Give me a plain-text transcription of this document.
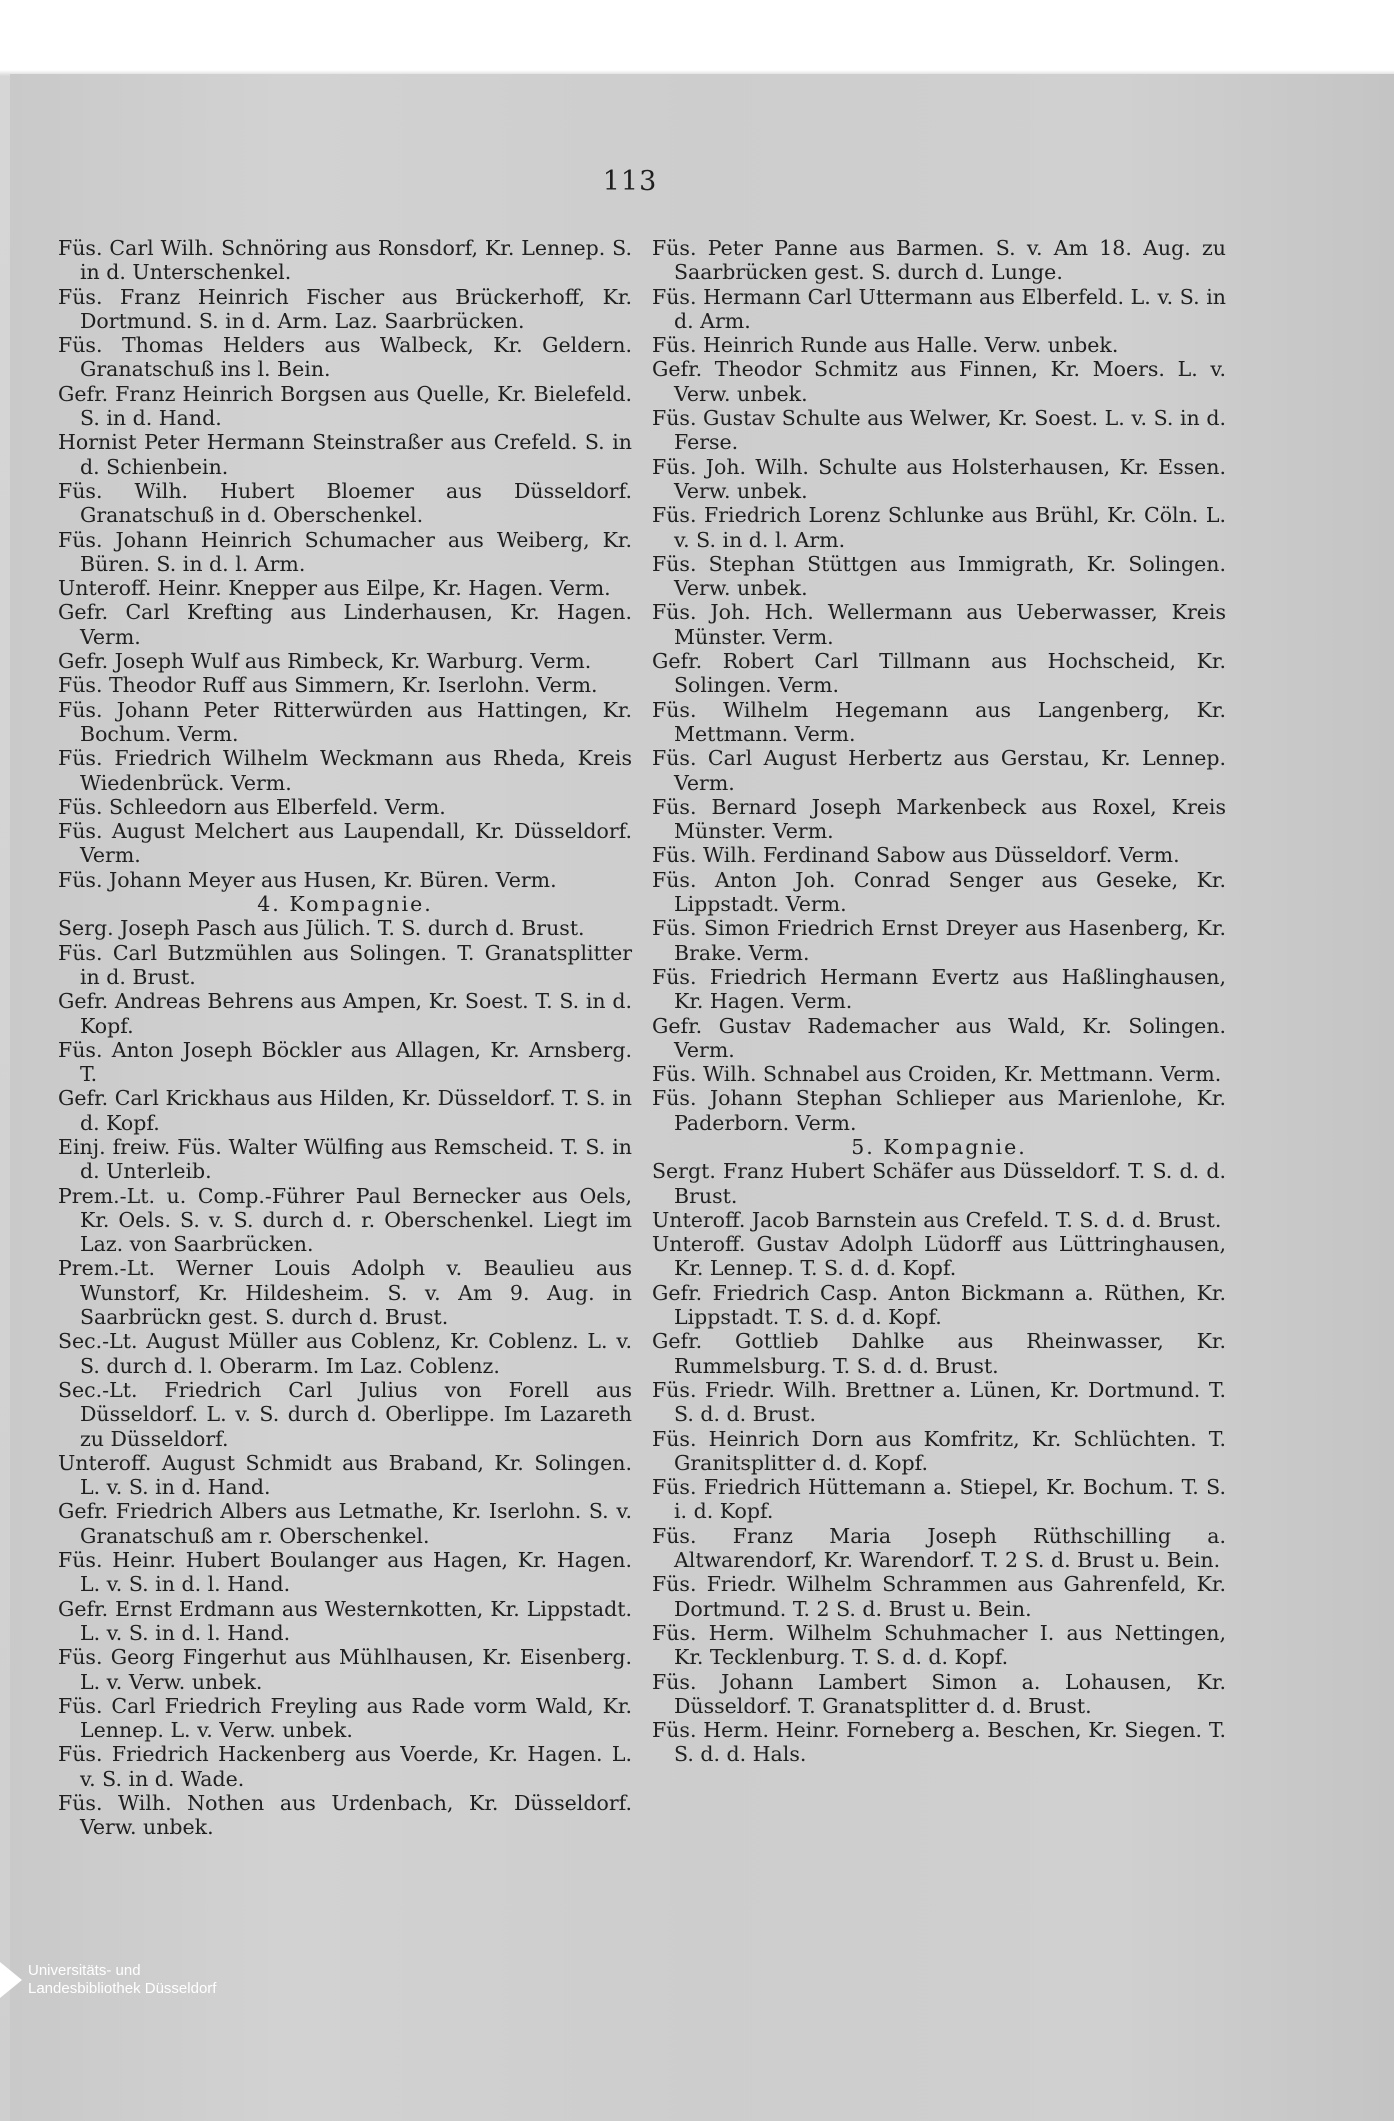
113

Füs. Carl Wilh. Schnöring aus Ronsdorf, Kr. Lennep. S. in d. Unterschenkel.

Füs. Franz Heinrich Fischer aus Brückerhoff, Kr. Dortmund. S. in d. Arm. Laz. Saarbrücken.

Füs. Thomas Helders aus Walbeck, Kr. Geldern. Granatschuß ins l. Bein.

Gefr. Franz Heinrich Borgsen aus Quelle, Kr. Bielefeld. S. in d. Hand.

Hornist Peter Hermann Steinstraßer aus Crefeld. S. in d. Schienbein.

Füs. Wilh. Hubert Bloemer aus Düsseldorf. Granatschuß in d. Oberschenkel.

Füs. Johann Heinrich Schumacher aus Weiberg, Kr. Büren. S. in d. l. Arm.

Unteroff. Heinr. Knepper aus Eilpe, Kr. Hagen. Verm.

Gefr. Carl Krefting aus Linderhausen, Kr. Hagen. Verm.

Gefr. Joseph Wulf aus Rimbeck, Kr. Warburg. Verm.

Füs. Theodor Ruff aus Simmern, Kr. Iserlohn. Verm.

Füs. Johann Peter Ritterwürden aus Hattingen, Kr. Bochum. Verm.

Füs. Friedrich Wilhelm Weckmann aus Rheda, Kreis Wiedenbrück. Verm.

Füs. Schleedorn aus Elberfeld. Verm.

Füs. August Melchert aus Laupendall, Kr. Düsseldorf. Verm.

Füs. Johann Meyer aus Husen, Kr. Büren. Verm.

4. Kompagnie.

Serg. Joseph Pasch aus Jülich. T. S. durch d. Brust.

Füs. Carl Butzmühlen aus Solingen. T. Granatsplitter in d. Brust.

Gefr. Andreas Behrens aus Ampen, Kr. Soest. T. S. in d. Kopf.

Füs. Anton Joseph Böckler aus Allagen, Kr. Arnsberg. T.

Gefr. Carl Krickhaus aus Hilden, Kr. Düsseldorf. T. S. in d. Kopf.

Einj. freiw. Füs. Walter Wülfing aus Remscheid. T. S. in d. Unterleib.

Prem.-Lt. u. Comp.-Führer Paul Bernecker aus Oels, Kr. Oels. S. v. S. durch d. r. Oberschenkel. Liegt im Laz. von Saarbrücken.

Prem.-Lt. Werner Louis Adolph v. Beaulieu aus Wunstorf, Kr. Hildesheim. S. v. Am 9. Aug. in Saarbrückn gest. S. durch d. Brust.

Sec.-Lt. August Müller aus Coblenz, Kr. Coblenz. L. v. S. durch d. l. Oberarm. Im Laz. Coblenz.

Sec.-Lt. Friedrich Carl Julius von Forell aus Düsseldorf. L. v. S. durch d. Oberlippe. Im Lazareth zu Düsseldorf.

Unteroff. August Schmidt aus Braband, Kr. Solingen. L. v. S. in d. Hand.

Gefr. Friedrich Albers aus Letmathe, Kr. Iserlohn. S. v. Granatschuß am r. Oberschenkel.

Füs. Heinr. Hubert Boulanger aus Hagen, Kr. Hagen. L. v. S. in d. l. Hand.

Gefr. Ernst Erdmann aus Westernkotten, Kr. Lippstadt. L. v. S. in d. l. Hand.

Füs. Georg Fingerhut aus Mühlhausen, Kr. Eisenberg. L. v. Verw. unbek.

Füs. Carl Friedrich Freyling aus Rade vorm Wald, Kr. Lennep. L. v. Verw. unbek.

Füs. Friedrich Hackenberg aus Voerde, Kr. Hagen. L. v. S. in d. Wade.

Füs. Wilh. Nothen aus Urdenbach, Kr. Düsseldorf. Verw. unbek.

Füs. Peter Panne aus Barmen. S. v. Am 18. Aug. zu Saarbrücken gest. S. durch d. Lunge.

Füs. Hermann Carl Uttermann aus Elberfeld. L. v. S. in d. Arm.

Füs. Heinrich Runde aus Halle. Verw. unbek.

Gefr. Theodor Schmitz aus Finnen, Kr. Moers. L. v. Verw. unbek.

Füs. Gustav Schulte aus Welwer, Kr. Soest. L. v. S. in d. Ferse.

Füs. Joh. Wilh. Schulte aus Holsterhausen, Kr. Essen. Verw. unbek.

Füs. Friedrich Lorenz Schlunke aus Brühl, Kr. Cöln. L. v. S. in d. l. Arm.

Füs. Stephan Stüttgen aus Immigrath, Kr. Solingen. Verw. unbek.

Füs. Joh. Hch. Wellermann aus Ueberwasser, Kreis Münster. Verm.

Gefr. Robert Carl Tillmann aus Hochscheid, Kr. Solingen. Verm.

Füs. Wilhelm Hegemann aus Langenberg, Kr. Mettmann. Verm.

Füs. Carl August Herbertz aus Gerstau, Kr. Lennep. Verm.

Füs. Bernard Joseph Markenbeck aus Roxel, Kreis Münster. Verm.

Füs. Wilh. Ferdinand Sabow aus Düsseldorf. Verm.

Füs. Anton Joh. Conrad Senger aus Geseke, Kr. Lippstadt. Verm.

Füs. Simon Friedrich Ernst Dreyer aus Hasenberg, Kr. Brake. Verm.

Füs. Friedrich Hermann Evertz aus Haßlinghausen, Kr. Hagen. Verm.

Gefr. Gustav Rademacher aus Wald, Kr. Solingen. Verm.

Füs. Wilh. Schnabel aus Croiden, Kr. Mettmann. Verm.

Füs. Johann Stephan Schlieper aus Marienlohe, Kr. Paderborn. Verm.

5. Kompagnie.

Sergt. Franz Hubert Schäfer aus Düsseldorf. T. S. d. d. Brust.

Unteroff. Jacob Barnstein aus Crefeld. T. S. d. d. Brust.

Unteroff. Gustav Adolph Lüdorff aus Lüttringhausen, Kr. Lennep. T. S. d. d. Kopf.

Gefr. Friedrich Casp. Anton Bickmann a. Rüthen, Kr. Lippstadt. T. S. d. d. Kopf.

Gefr. Gottlieb Dahlke aus Rheinwasser, Kr. Rummelsburg. T. S. d. d. Brust.

Füs. Friedr. Wilh. Brettner a. Lünen, Kr. Dortmund. T. S. d. d. Brust.

Füs. Heinrich Dorn aus Komfritz, Kr. Schlüchten. T. Granitsplitter d. d. Kopf.

Füs. Friedrich Hüttemann a. Stiepel, Kr. Bochum. T. S. i. d. Kopf.

Füs. Franz Maria Joseph Rüthschilling a. Altwarendorf, Kr. Warendorf. T. 2 S. d. Brust u. Bein.

Füs. Friedr. Wilhelm Schrammen aus Gahrenfeld, Kr. Dortmund. T. 2 S. d. Brust u. Bein.

Füs. Herm. Wilhelm Schuhmacher I. aus Nettingen, Kr. Tecklenburg. T. S. d. d. Kopf.

Füs. Johann Lambert Simon a. Lohausen, Kr. Düsseldorf. T. Granatsplitter d. d. Brust.

Füs. Herm. Heinr. Forneberg a. Beschen, Kr. Siegen. T. S. d. d. Hals.

Universitäts- und
Landesbibliothek Düsseldorf
